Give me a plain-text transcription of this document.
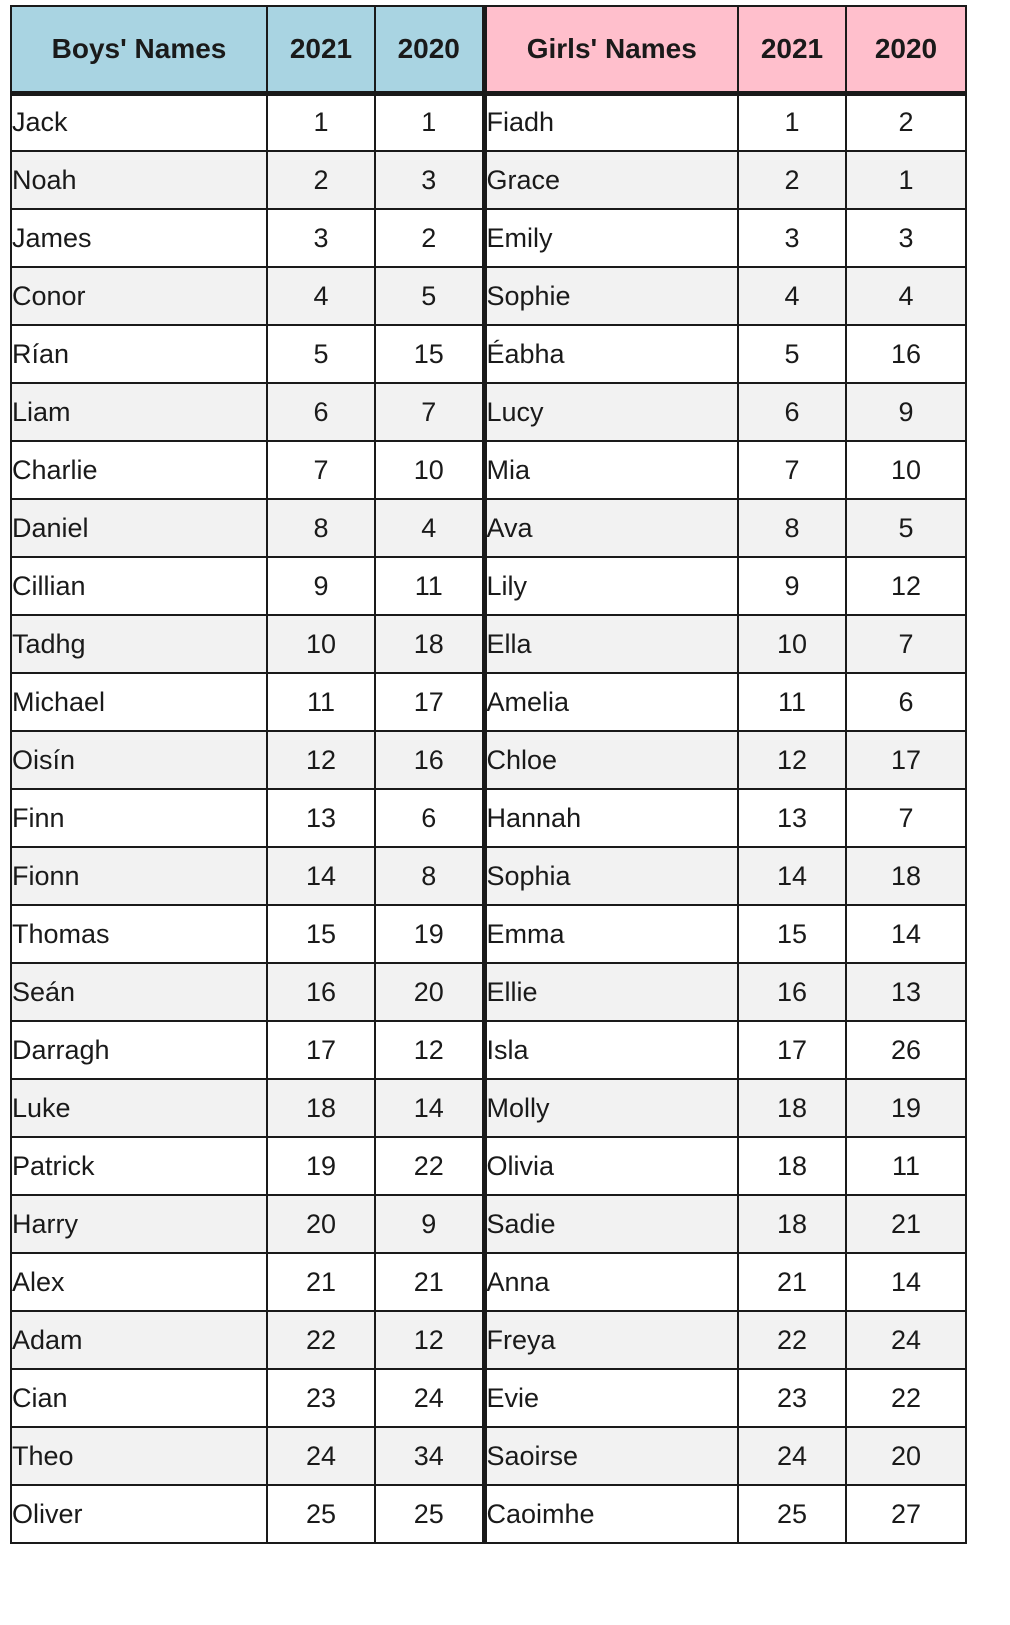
Boys' Names	2021	2020	Girls' Names	2021	2020
Jack	1	1	Fiadh	1	2
Noah	2	3	Grace	2	1
James	3	2	Emily	3	3
Conor	4	5	Sophie	4	4
Rían	5	15	Éabha	5	16
Liam	6	7	Lucy	6	9
Charlie	7	10	Mia	7	10
Daniel	8	4	Ava	8	5
Cillian	9	11	Lily	9	12
Tadhg	10	18	Ella	10	7
Michael	11	17	Amelia	11	6
Oisín	12	16	Chloe	12	17
Finn	13	6	Hannah	13	7
Fionn	14	8	Sophia	14	18
Thomas	15	19	Emma	15	14
Seán	16	20	Ellie	16	13
Darragh	17	12	Isla	17	26
Luke	18	14	Molly	18	19
Patrick	19	22	Olivia	18	11
Harry	20	9	Sadie	18	21
Alex	21	21	Anna	21	14
Adam	22	12	Freya	22	24
Cian	23	24	Evie	23	22
Theo	24	34	Saoirse	24	20
Oliver	25	25	Caoimhe	25	27
